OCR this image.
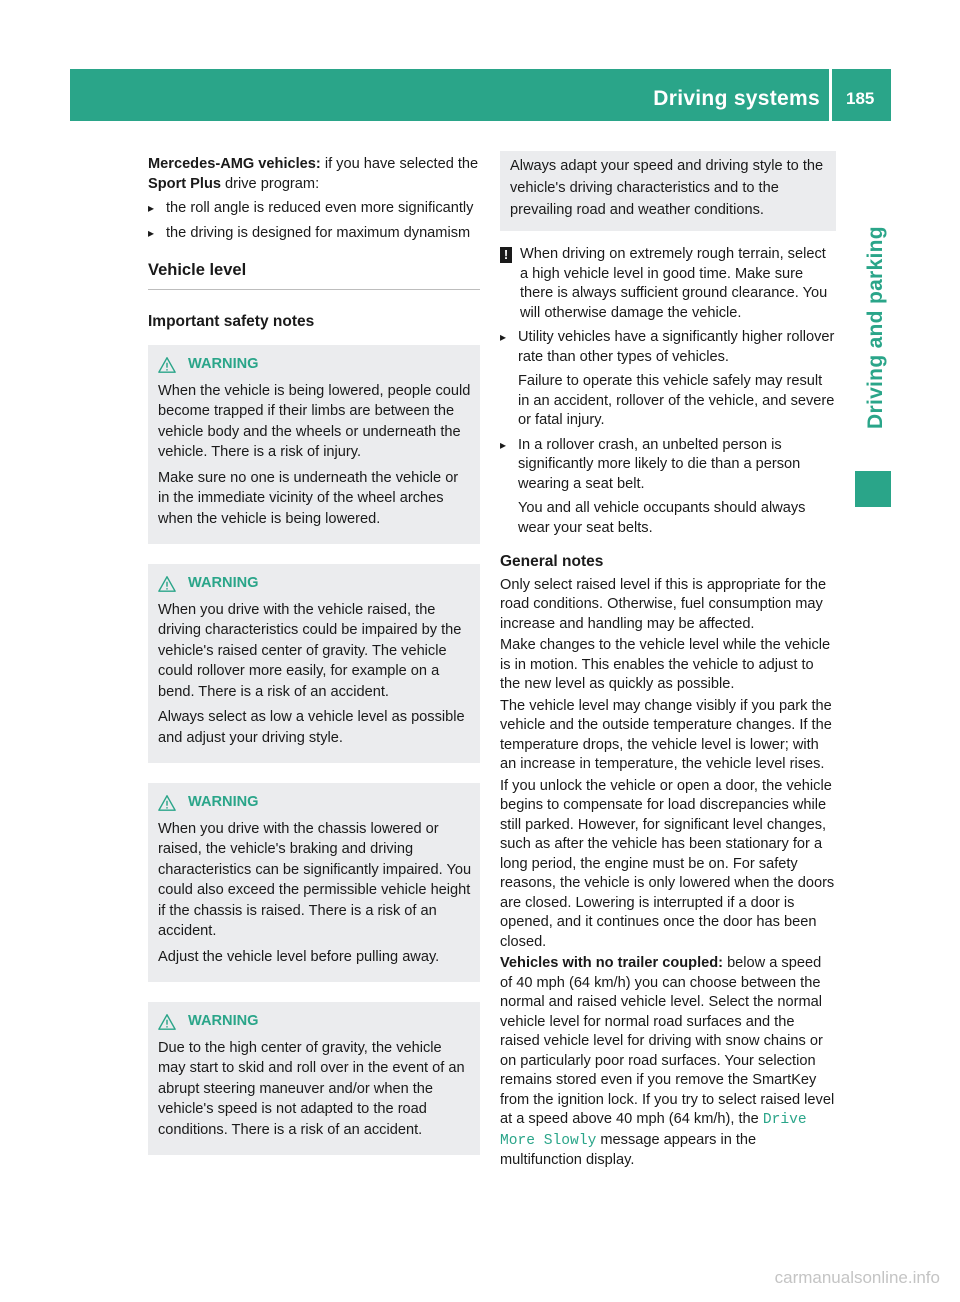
Driving systems 185
Driving and parking

Mercedes-AMG vehicles: if you have selected the Sport Plus drive program:

▸ the roll angle is reduced even more significantly
▸ the driving is designed for maximum dynamism
Vehicle level
Important safety notes
WARNING

When the vehicle is being lowered, people could become trapped if their limbs are between the vehicle body and the wheels or underneath the vehicle. There is a risk of injury.

Make sure no one is underneath the vehicle or in the immediate vicinity of the wheel arches when the vehicle is being lowered.

WARNING

When you drive with the vehicle raised, the driving characteristics could be impaired by the vehicle's raised center of gravity. The vehicle could rollover more easily, for example on a bend. There is a risk of an accident.

Always select as low a vehicle level as possible and adjust your driving style.

WARNING

When you drive with the chassis lowered or raised, the vehicle's braking and driving characteristics can be significantly impaired. You could also exceed the permissible vehicle height if the chassis is raised. There is a risk of an accident.

Adjust the vehicle level before pulling away.

WARNING

Due to the high center of gravity, the vehicle may start to skid and roll over in the event of an abrupt steering maneuver and/or when the vehicle's speed is not adapted to the road conditions. There is a risk of an accident.

Always adapt your speed and driving style to the vehicle's driving characteristics and to the prevailing road and weather conditions.
! When driving on extremely rough terrain, select a high vehicle level in good time. Make sure there is always sufficient ground clearance. You will otherwise damage the vehicle.

▸ Utility vehicles have a significantly higher rollover rate than other types of vehicles.

Failure to operate this vehicle safely may result in an accident, rollover of the vehicle, and severe or fatal injury.

▸ In a rollover crash, an unbelted person is significantly more likely to die than a person wearing a seat belt.

You and all vehicle occupants should always wear your seat belts.

General notes

Only select raised level if this is appropriate for the road conditions. Otherwise, fuel consumption may increase and handling may be affected.

Make changes to the vehicle level while the vehicle is in motion. This enables the vehicle to adjust to the new level as quickly as possible.

The vehicle level may change visibly if you park the vehicle and the outside temperature changes. If the temperature drops, the vehicle level is lower; with an increase in temperature, the vehicle level rises.

If you unlock the vehicle or open a door, the vehicle begins to compensate for load discrepancies while still parked. However, for significant level changes, such as after the vehicle has been stationary for a long period, the engine must be on. For safety reasons, the vehicle is only lowered when the doors are closed. Lowering is interrupted if a door is opened, and it continues once the door has been closed.

Vehicles with no trailer coupled: below a speed of 40 mph (64 km/h) you can choose between the normal and raised vehicle level. Select the normal vehicle level for normal road surfaces and the raised vehicle level for driving with snow chains or on particularly poor road surfaces. Your selection remains stored even if you remove the SmartKey from the ignition lock. If you try to select raised level at a speed above 40 mph (64 km/h), the Drive More Slowly message appears in the multifunction display.

carmanualsonline.info
